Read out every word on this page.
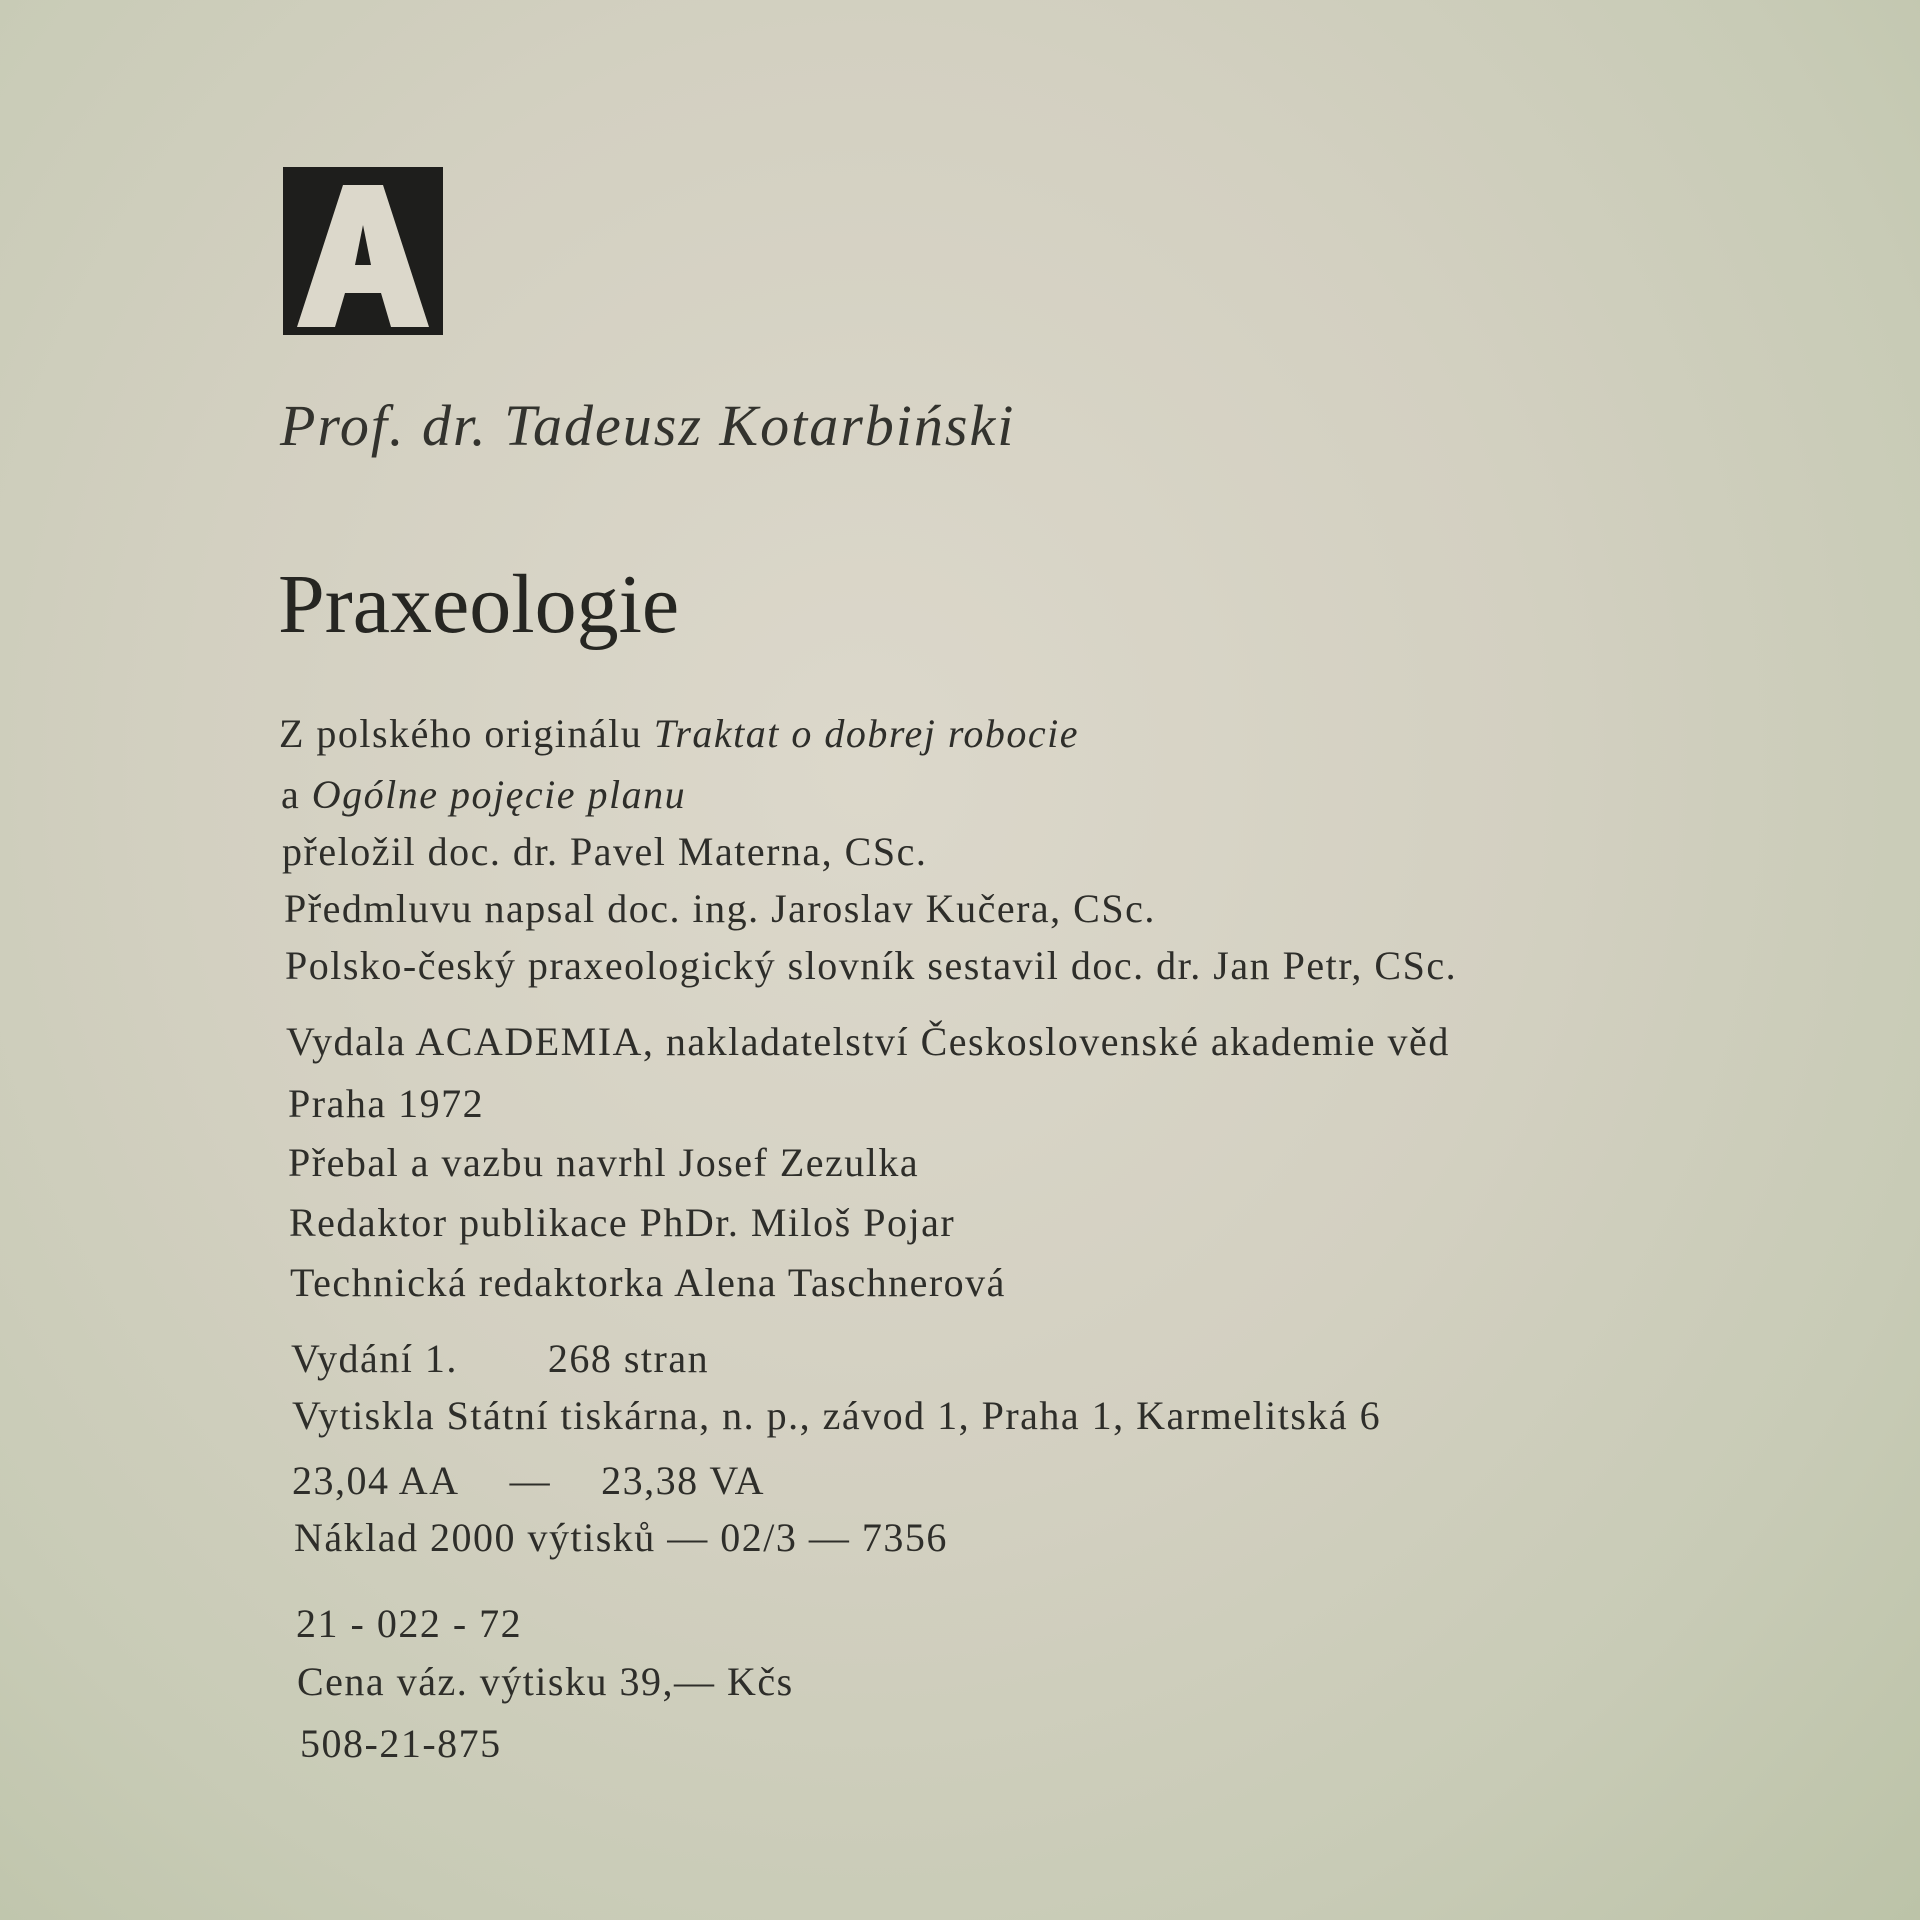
Prof. dr. Tadeusz Kotarbiński
Praxeologie
Z polského originálu Traktat o dobrej robocie
a Ogólne pojęcie planu
přeložil doc. dr. Pavel Materna, CSc.
Předmluvu napsal doc. ing. Jaroslav Kučera, CSc.
Polsko-český praxeologický slovník sestavil doc. dr. Jan Petr, CSc.
Vydala ACADEMIA, nakladatelství Československé akademie věd
Praha 1972
Přebal a vazbu navrhl Josef Zezulka
Redaktor publikace PhDr. Miloš Pojar
Technická redaktorka Alena Taschnerová
Vydání 1. 268 stran
Vytiskla Státní tiskárna, n. p., závod 1, Praha 1, Karmelitská 6
23,04 AA — 23,38 VA
Náklad 2000 výtisků — 02/3 — 7356
21 - 022 - 72
Cena váz. výtisku 39,— Kčs
508-21-875
